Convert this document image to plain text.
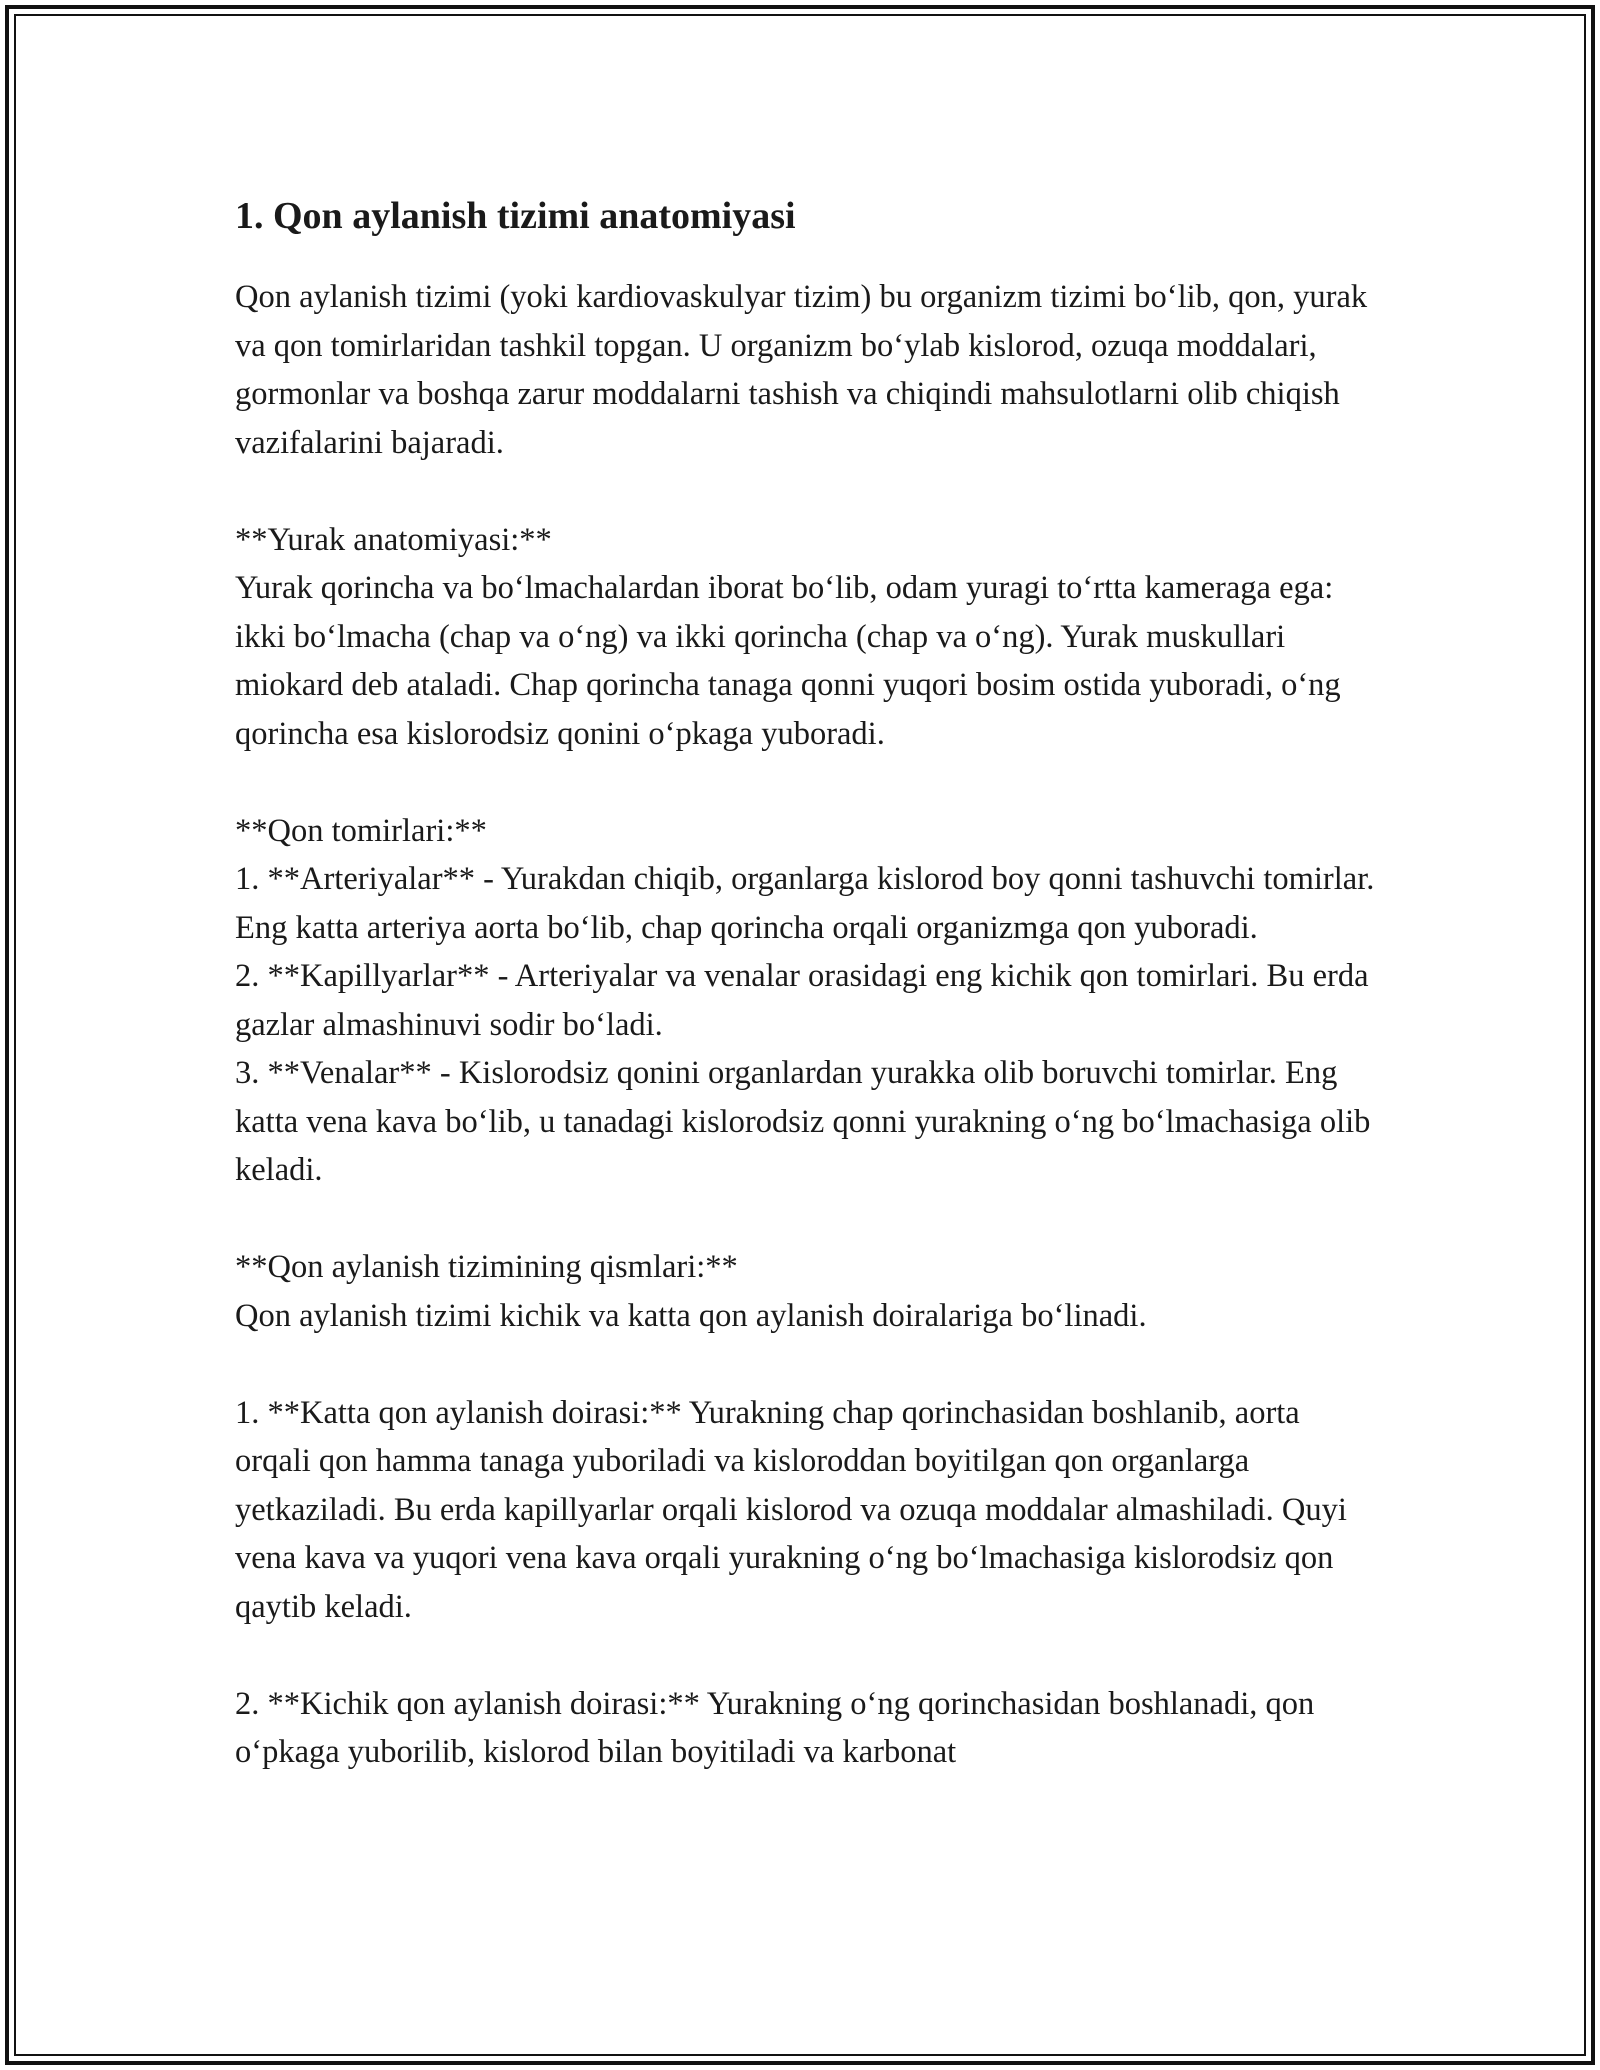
1. Qon aylanish tizimi anatomiyasi

Qon aylanish tizimi (yoki kardiovaskulyar tizim) bu organizm tizimi bo‘lib, qon, yurak va qon tomirlaridan tashkil topgan. U organizm bo‘ylab kislorod, ozuqa moddalari, gormonlar va boshqa zarur moddalarni tashish va chiqindi mahsulotlarni olib chiqish vazifalarini bajaradi.

**Yurak anatomiyasi:**

Yurak qorincha va bo‘lmachalardan iborat bo‘lib, odam yuragi to‘rtta kameraga ega: ikki bo‘lmacha (chap va o‘ng) va ikki qorincha (chap va o‘ng). Yurak muskullari miokard deb ataladi. Chap qorincha tanaga qonni yuqori bosim ostida yuboradi, o‘ng qorincha esa kislorodsiz qonini o‘pkaga yuboradi.

**Qon tomirlari:**

1. **Arteriyalar** - Yurakdan chiqib, organlarga kislorod boy qonni tashuvchi tomirlar. Eng katta arteriya aorta bo‘lib, chap qorincha orqali organizmga qon yuboradi.

2. **Kapillyarlar** - Arteriyalar va venalar orasidagi eng kichik qon tomirlari. Bu erda gazlar almashinuvi sodir bo‘ladi.

3. **Venalar** - Kislorodsiz qonini organlardan yurakka olib boruvchi tomirlar. Eng katta vena kava bo‘lib, u tanadagi kislorodsiz qonni yurakning o‘ng bo‘lmachasiga olib keladi.

**Qon aylanish tizimining qismlari:**

Qon aylanish tizimi kichik va katta qon aylanish doiralariga bo‘linadi.

1. **Katta qon aylanish doirasi:** Yurakning chap qorinchasidan boshlanib, aorta orqali qon hamma tanaga yuboriladi va kisloroddan boyitilgan qon organlarga yetkaziladi. Bu erda kapillyarlar orqali kislorod va ozuqa moddalar almashiladi. Quyi vena kava va yuqori vena kava orqali yurakning o‘ng bo‘lmachasiga kislorodsiz qon qaytib keladi.

2. **Kichik qon aylanish doirasi:** Yurakning o‘ng qorinchasidan boshlanadi, qon o‘pkaga yuborilib, kislorod bilan boyitiladi va karbonat
